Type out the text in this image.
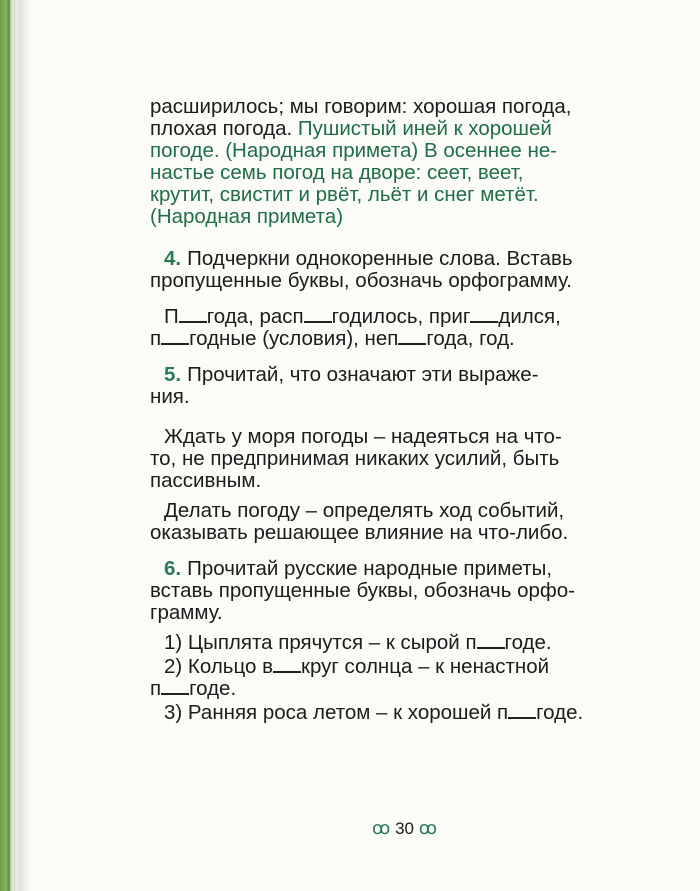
расширилось; мы говорим: хорошая погода,
плохая погода. Пушистый иней к хорошей
погоде. (Народная примета) В осеннее не-
настье семь погод на дворе: сеет, веет,
крутит, свистит и рвёт, льёт и снег метёт.
(Народная примета)
4. Подчеркни однокоренные слова. Вставь
пропущенные буквы, обозначь орфограмму.
П года, расп годилось, приг дился,
п годные (условия), неп года, год.
5. Прочитай, что означают эти выраже-
ния.
Ждать у моря погоды – надеяться на что-
то, не предпринимая никаких усилий, быть
пассивным.
Делать погоду – определять ход событий,
оказывать решающее влияние на что-либо.
6. Прочитай русские народные приметы,
вставь пропущенные буквы, обозначь орфо-
грамму.
1) Цыплята прячутся – к сырой п годе.
2) Кольцо в круг солнца – к ненастной
п годе.
3) Ранняя роса летом – к хорошей п годе.
ꝏ 30 ꝏ
